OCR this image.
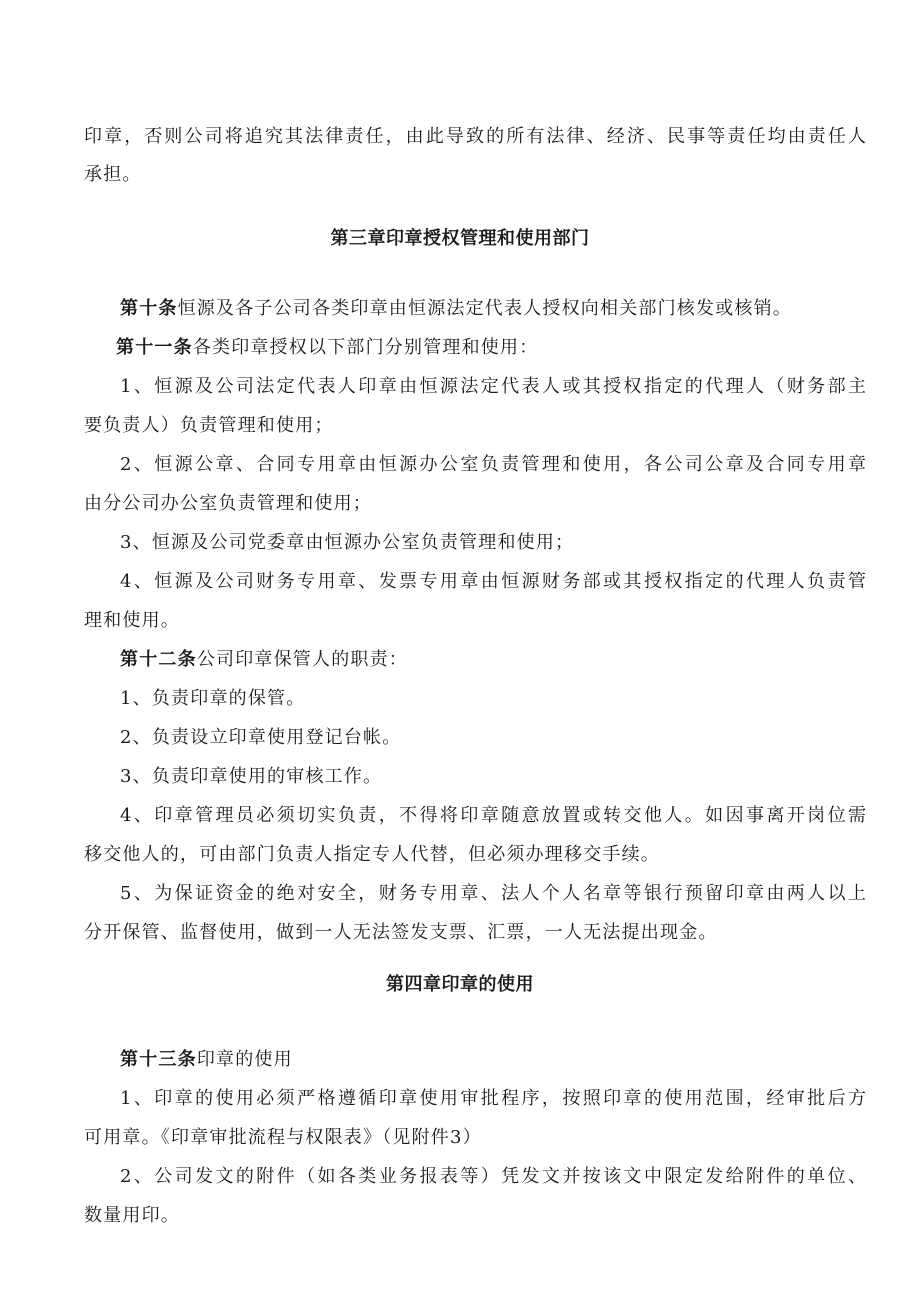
印章，否则公司将追究其法律责任，由此导致的所有法律、经济、民事等责任均由责任人
承担。
第三章印章授权管理和使用部门
第十条恒源及各子公司各类印章由恒源法定代表人授权向相关部门核发或核销。
第十一条各类印章授权以下部门分别管理和使用：
1、恒源及公司法定代表人印章由恒源法定代表人或其授权指定的代理人（财务部主
要负责人）负责管理和使用；
2、恒源公章、合同专用章由恒源办公室负责管理和使用，各公司公章及合同专用章
由分公司办公室负责管理和使用；
3、恒源及公司党委章由恒源办公室负责管理和使用；
4、恒源及公司财务专用章、发票专用章由恒源财务部或其授权指定的代理人负责管
理和使用。
第十二条公司印章保管人的职责：
1、负责印章的保管。
2、负责设立印章使用登记台帐。
3、负责印章使用的审核工作。
4、印章管理员必须切实负责，不得将印章随意放置或转交他人。如因事离开岗位需
移交他人的，可由部门负责人指定专人代替，但必须办理移交手续。
5、为保证资金的绝对安全，财务专用章、法人个人名章等银行预留印章由两人以上
分开保管、监督使用，做到一人无法签发支票、汇票，一人无法提出现金。
第四章印章的使用
第十三条印章的使用
1、印章的使用必须严格遵循印章使用审批程序，按照印章的使用范围，经审批后方
可用章。《印章审批流程与权限表》（见附件3）
2、公司发文的附件（如各类业务报表等）凭发文并按该文中限定发给附件的单位、
数量用印。
